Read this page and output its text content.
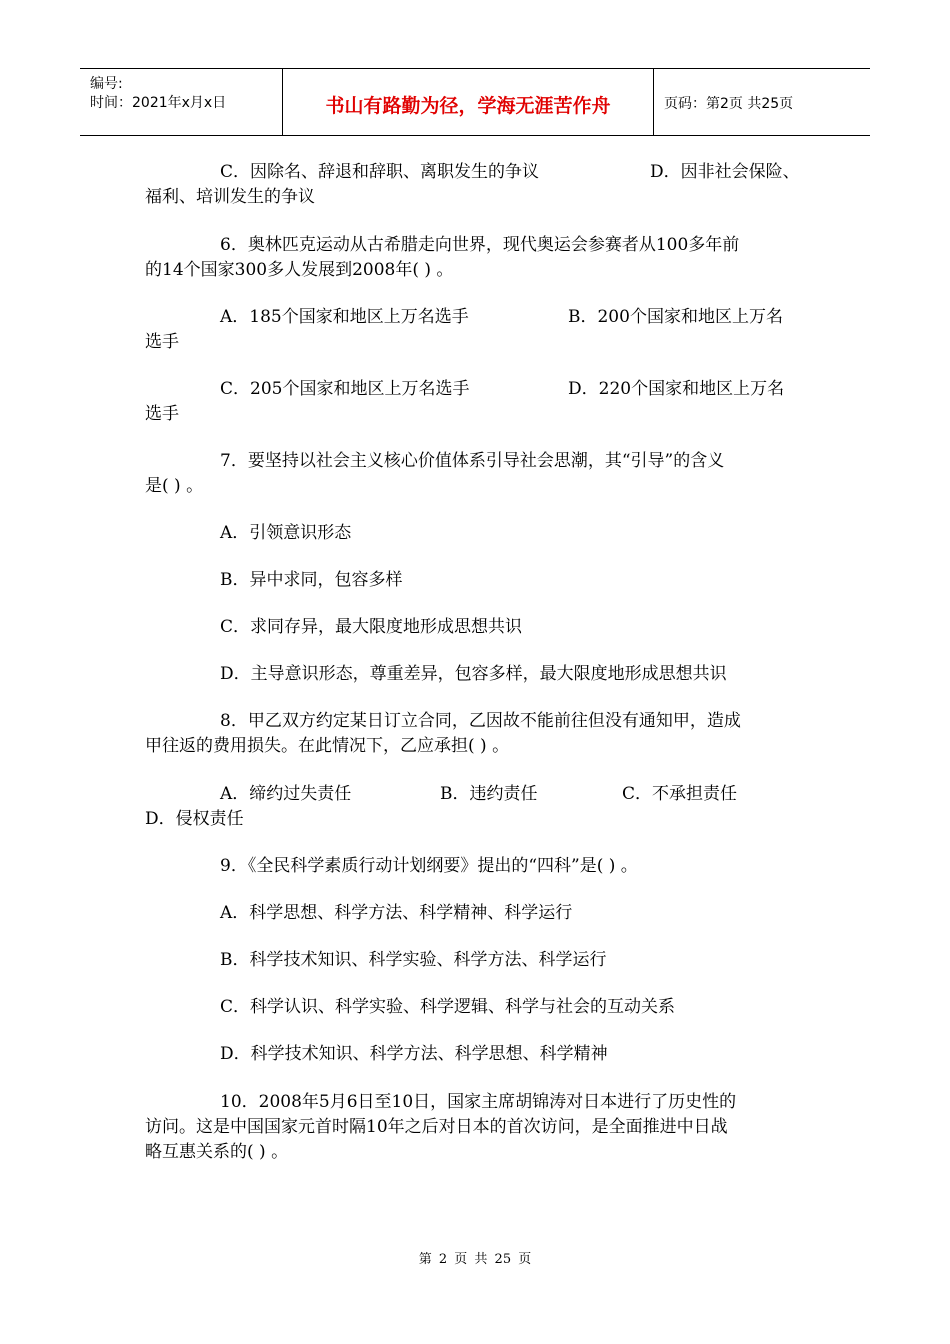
编号:
时间：2021年x月x日	书山有路勤为径，学海无涯苦作舟	页码：第2页 共25页
C．因除名、辞退和辞职、离职发生的争议	D．因非社会保险、
福利、培训发生的争议
6．奥林匹克运动从古希腊走向世界，现代奥运会参赛者从100多年前
的14个国家300多人发展到2008年( ) 。
A．185个国家和地区上万名选手	B．200个国家和地区上万名
选手
C．205个国家和地区上万名选手	D．220个国家和地区上万名
选手
7．要坚持以社会主义核心价值体系引导社会思潮，其“引导”的含义
是( ) 。
A．引领意识形态
B．异中求同，包容多样
C．求同存异，最大限度地形成思想共识
D．主导意识形态，尊重差异，包容多样，最大限度地形成思想共识
8．甲乙双方约定某日订立合同，乙因故不能前往但没有通知甲，造成
甲往返的费用损失。在此情况下，乙应承担( ) 。
A．缔约过失责任	B．违约责任	C．不承担责任
D．侵权责任
9．《全民科学素质行动计划纲要》提出的“四科”是( ) 。
A．科学思想、科学方法、科学精神、科学运行
B．科学技术知识、科学实验、科学方法、科学运行
C．科学认识、科学实验、科学逻辑、科学与社会的互动关系
D．科学技术知识、科学方法、科学思想、科学精神
10．2008年5月6日至10日，国家主席胡锦涛对日本进行了历史性的
访问。这是中国国家元首时隔10年之后对日本的首次访问，是全面推进中日战
略互惠关系的( ) 。
第 2 页 共 25 页
